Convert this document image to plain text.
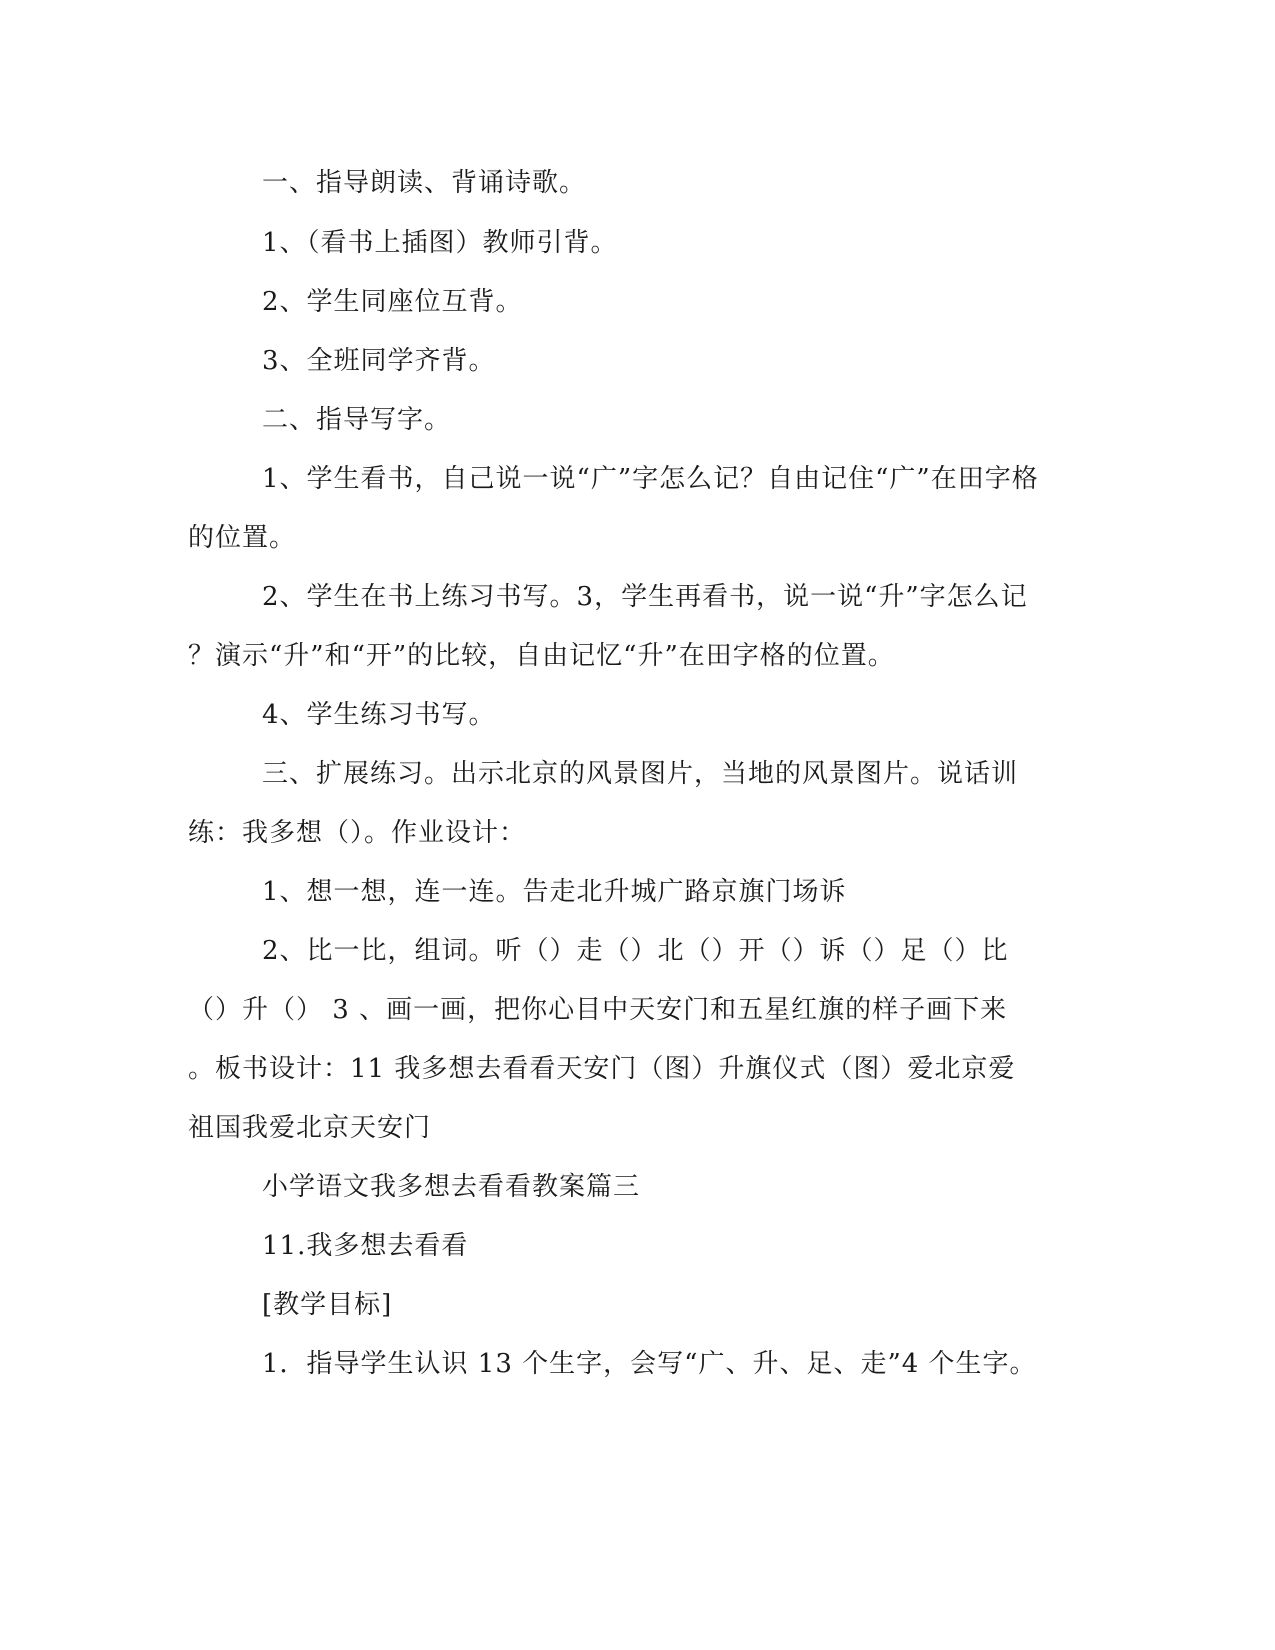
一、指导朗读、背诵诗歌。
1、（看书上插图）教师引背。
2、学生同座位互背。
3、全班同学齐背。
二、指导写字。
1、学生看书，自己说一说“广”字怎么记？自由记住“广”在田字格
的位置。
2、学生在书上练习书写。3，学生再看书，说一说“升”字怎么记
？演示“升”和“开”的比较，自由记忆“升”在田字格的位置。
4、学生练习书写。
三、扩展练习。出示北京的风景图片，当地的风景图片。说话训
练：我多想（）。作业设计：
1、想一想，连一连。告走北升城广路京旗门场诉
2、比一比，组词。听（）走（）北（）开（）诉（）足（）比
（）升（） 3 、画一画，把你心目中天安门和五星红旗的样子画下来
。板书设计：11 我多想去看看天安门（图）升旗仪式（图）爱北京爱
祖国我爱北京天安门
小学语文我多想去看看教案篇三
11.我多想去看看
[教学目标]
1．指导学生认识 13 个生字，会写“广、升、足、走”4 个生字。
